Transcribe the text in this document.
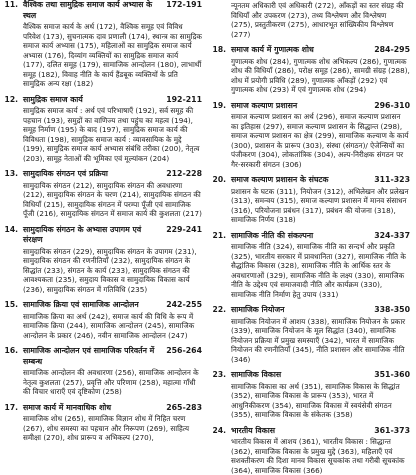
11. वैश्विक तथा सामुद्रिक समाज कार्य अभ्यास के स्थल
172-191
वैश्विक समाज कार्य के अर्थ (172), वैश्विक समूह एवं विविध परिवेश (173), सुचनात्मक दाव प्रणाली (174), स्थान्त्र का सामुद्रिक समाज कार्य अभ्यास (175), महिलाओं का सामुद्रिक समाज कार्य अभ्यास (176), दिव्यांग व्यक्तियों का सामुद्रिक समाज कार्य (177), दलित समूह (179), सामाजिक आन्दोलन (180), लाभार्थी समूह (182), विवाह नीति के कार्य हैंडबूक व्यक्तियों के प्रति सामुद्रिक अन्य रक्षा (182)
12. सामुद्रिक समाज कार्य	192-211
सामुद्रिक समाज कार्य : अर्थ एवं परिभाषाएँ (192), सर्व समूह की पहचान (193), समुद्रों का वाणिज्य तथा पहुंच का महत्व (194), समूह निर्माण (195) के बाद (197), सामुद्रिक समाज कार्य की विविधता (198), सामुद्रिक समाज कार्य : व्यावसायिक के मुद्दे (199), सामुद्रिक समाज कार्य अभ्यास संबंधि तरीका (200), नेतृत्व (203), सामूह नेताओं की भूमिका एवं मूल्यांकन (204)
13. सामुदायिक संगठन एवं प्रक्रिया	212-228
सामुदायिक संगठन (212), सामुदायिक संगठन की अवधारणा (212), सामुदायिक संगठन के चरण (214), सामुदायिक संगठन की विधियाँ (215), सामुदायिक संगठन में परम्पा पूँजी एवं सामाजिक पूँजी (216), सामुदायिक संगठन में समाज कार्य की कुशलता (217)
14. सामुदायिक संगठन के अभ्यास उपागम एवं संरक्षण
229-241
सामुदायिक संगठन (229), सामुदायिक संगठन के उपागम (231), सामुदायिक संगठन की रणनीतियाँ (232), सामुदायिक संगठन के सिद्धांत (233), संगठन के कार्य (233), सामुदायिक संगठन की आवश्यकता (235), समुदाय विकास व सामुदायिक विकास कार्य (236), सामुदायिक संगठन में गतिविधि (235)
15. सामाजिक क्रिया एवं सामाजिक आन्दोलन	242-255
सामाजिक क्रिया का अर्थ (242), समाज कार्य की विधि के रूप में सामाजिक क्रिया (244), सामाजिक आन्दोलन (245), सामाजिक आन्दोलन के प्रकार (246), नवीन सामाजिक आन्दोलन (247)
16. सामाजिक आन्दोलन एवं सामाजिक परिवर्तन में सम्बन्ध
256-264
सामाजिक आन्दोलन की अवधारणा (256), सामाजिक आन्दोलन के नेतृत्व कुशलता (257), प्रवृत्ति और परिणाम (258), महात्मा गाँधी की विचार धाराएँ एवं दृष्टिकोण (258)
17. समाज कार्य में मानवाधिक शोध	265-283
सामाजिक शोध (265), सामाजिक विज्ञान शोध में निहित चरण (267), शोध समस्या का पहचान और निरूपण (269), साहित्य समीक्षा (270), शोध प्रारूप व अभिकल्प (270),
न्यूनतम अधिकारी एवं अधिकारी (272), आँकड़ों का स्तर संग्रह की विधियाँ और उपकरण (273), तथ्य विश्लेषण और विश्लेषण (275), प्रस्तुतीकरण (275), आधारभूत सांख्यिकीय विश्लेषण (277)
18. समाज कार्य में गुणात्मक शोध	284-295
गुणात्मक शोध (284), गुणात्मक शोध अभिकल्प (286), गुणात्मक शोध की विधियाँ (286), परोक्ष समूह (286), सामग्री संग्रह (288), शोध में प्रयोगी प्रविधि (289), गुणात्मक आँकड़ों (292) एवं गुणात्मक शोध (293) में एवं गुणात्मक शोध (294)
19. समाज कल्याण प्रशासन	296-310
समाज कल्याण प्रशासन का अर्थ (296), समाज कल्याण प्रशासन का इतिहास (297), समाज कल्याण प्रशासन के सिद्धान्त (298), समाज कल्याण प्रशासन का क्षेत्र (299), सामाजिक कल्याण के कार्य (300), प्रशासन के प्रारूप (303), संस्था (संगठन)/ ऐजेन्सियों का पंजीकरण (304), लोकतांत्रिक (304), अल्प-निरीक्षक संगठन पर गैर-सरकारी संगठन (306)
20. समाज कल्याण प्रशासन के संघटक	311-323
प्रशासन के घटक (311), नियोजन (312), अभिलेखन और प्रलेखन (313), समन्वय (315), समाज कल्याण प्रशासन में मानव संसाधन (316), परियोजना प्रबंधन (317), प्रबंधन की योजना (318), सामाजिक निर्णय (318)
21. सामाजिक नीति की संकल्पना	324-337
सामाजिक नीति (324), सामाजिक नीति का सन्दर्भ और प्रकृति (325), भारतीय सरकार में प्रावधानिता (327), सामाजिक नीति के सैद्धांतिक विकास (328), सामाजिक नीति के आर्थिक स्तर के अवधारणाओं (329), सामाजिक नीति के लक्ष्य (330), सामाजिक नीति के उद्देश्य एवं समाजवादी नीति और कार्यक्रम (330), सामाजिक नीति निर्माण हेतु उपाय (331)
22. सामाजिक नियोजन	338-350
सामाजिक नियोजन में आशय (338), सामाजिक नियोजन के प्रकार (339), सामाजिक नियोजन के मूल सिद्धांत (340), सामाजिक नियोजन प्रक्रिया में प्रमुख समस्याएँ (342), भारत में सामाजिक नियोजन की रणनीतियाँ (345), नीति प्रशासन और सामाजिक नीति (346)
23. सामाजिक विकास	351-360
सामाजिक विकास का अर्थ (351), सामाजिक विकास के सिद्धांत (352), सामाजिक विकास के प्रारूप (353), भारत में आधुनिकीकरण (354), सामाजिक विकास में स्वयंसेवी संगठन (355), सामाजिक विकास के संकेतक (358)
24. भारतीय विकास	361-373
भारतीय विकास में आशय (361), भारतीय विकास : सिद्धान्त (362), सामाजिक विकास के प्रमुख मुद्दे (363), महिलाएँ एवं सशक्तीकरण की दिशा मानव विकास सूचकांक तथा गरीबी सूचकांक (364), सामाजिक विकास (366)
